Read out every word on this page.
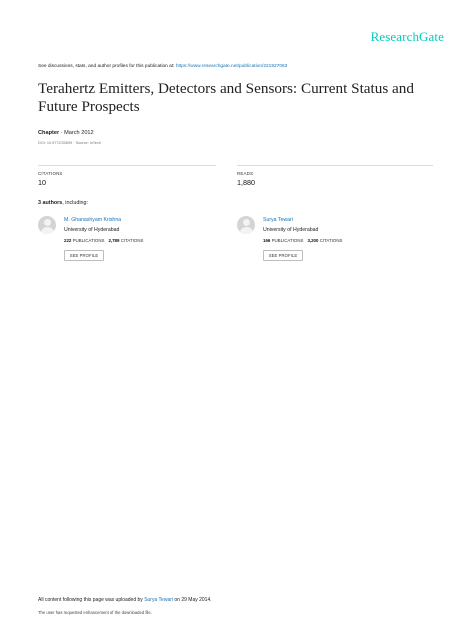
ResearchGate
See discussions, stats, and author profiles for this publication at: https://www.researchgate.net/publication/221927063
Terahertz Emitters, Detectors and Sensors: Current Status and Future Prospects
Chapter · March 2012
DOI: 10.5772/33699 · Source: InTech
CITATIONS
10
READS
1,880
3 authors, including:
M. Ghanashyam Krishna
University of Hyderabad
222 PUBLICATIONS 2,789 CITATIONS
SEE PROFILE
Surya Tewari
University of Hyderabad
166 PUBLICATIONS 3,200 CITATIONS
SEE PROFILE
All content following this page was uploaded by Surya Tewari on 29 May 2014.
The user has requested enhancement of the downloaded file.
